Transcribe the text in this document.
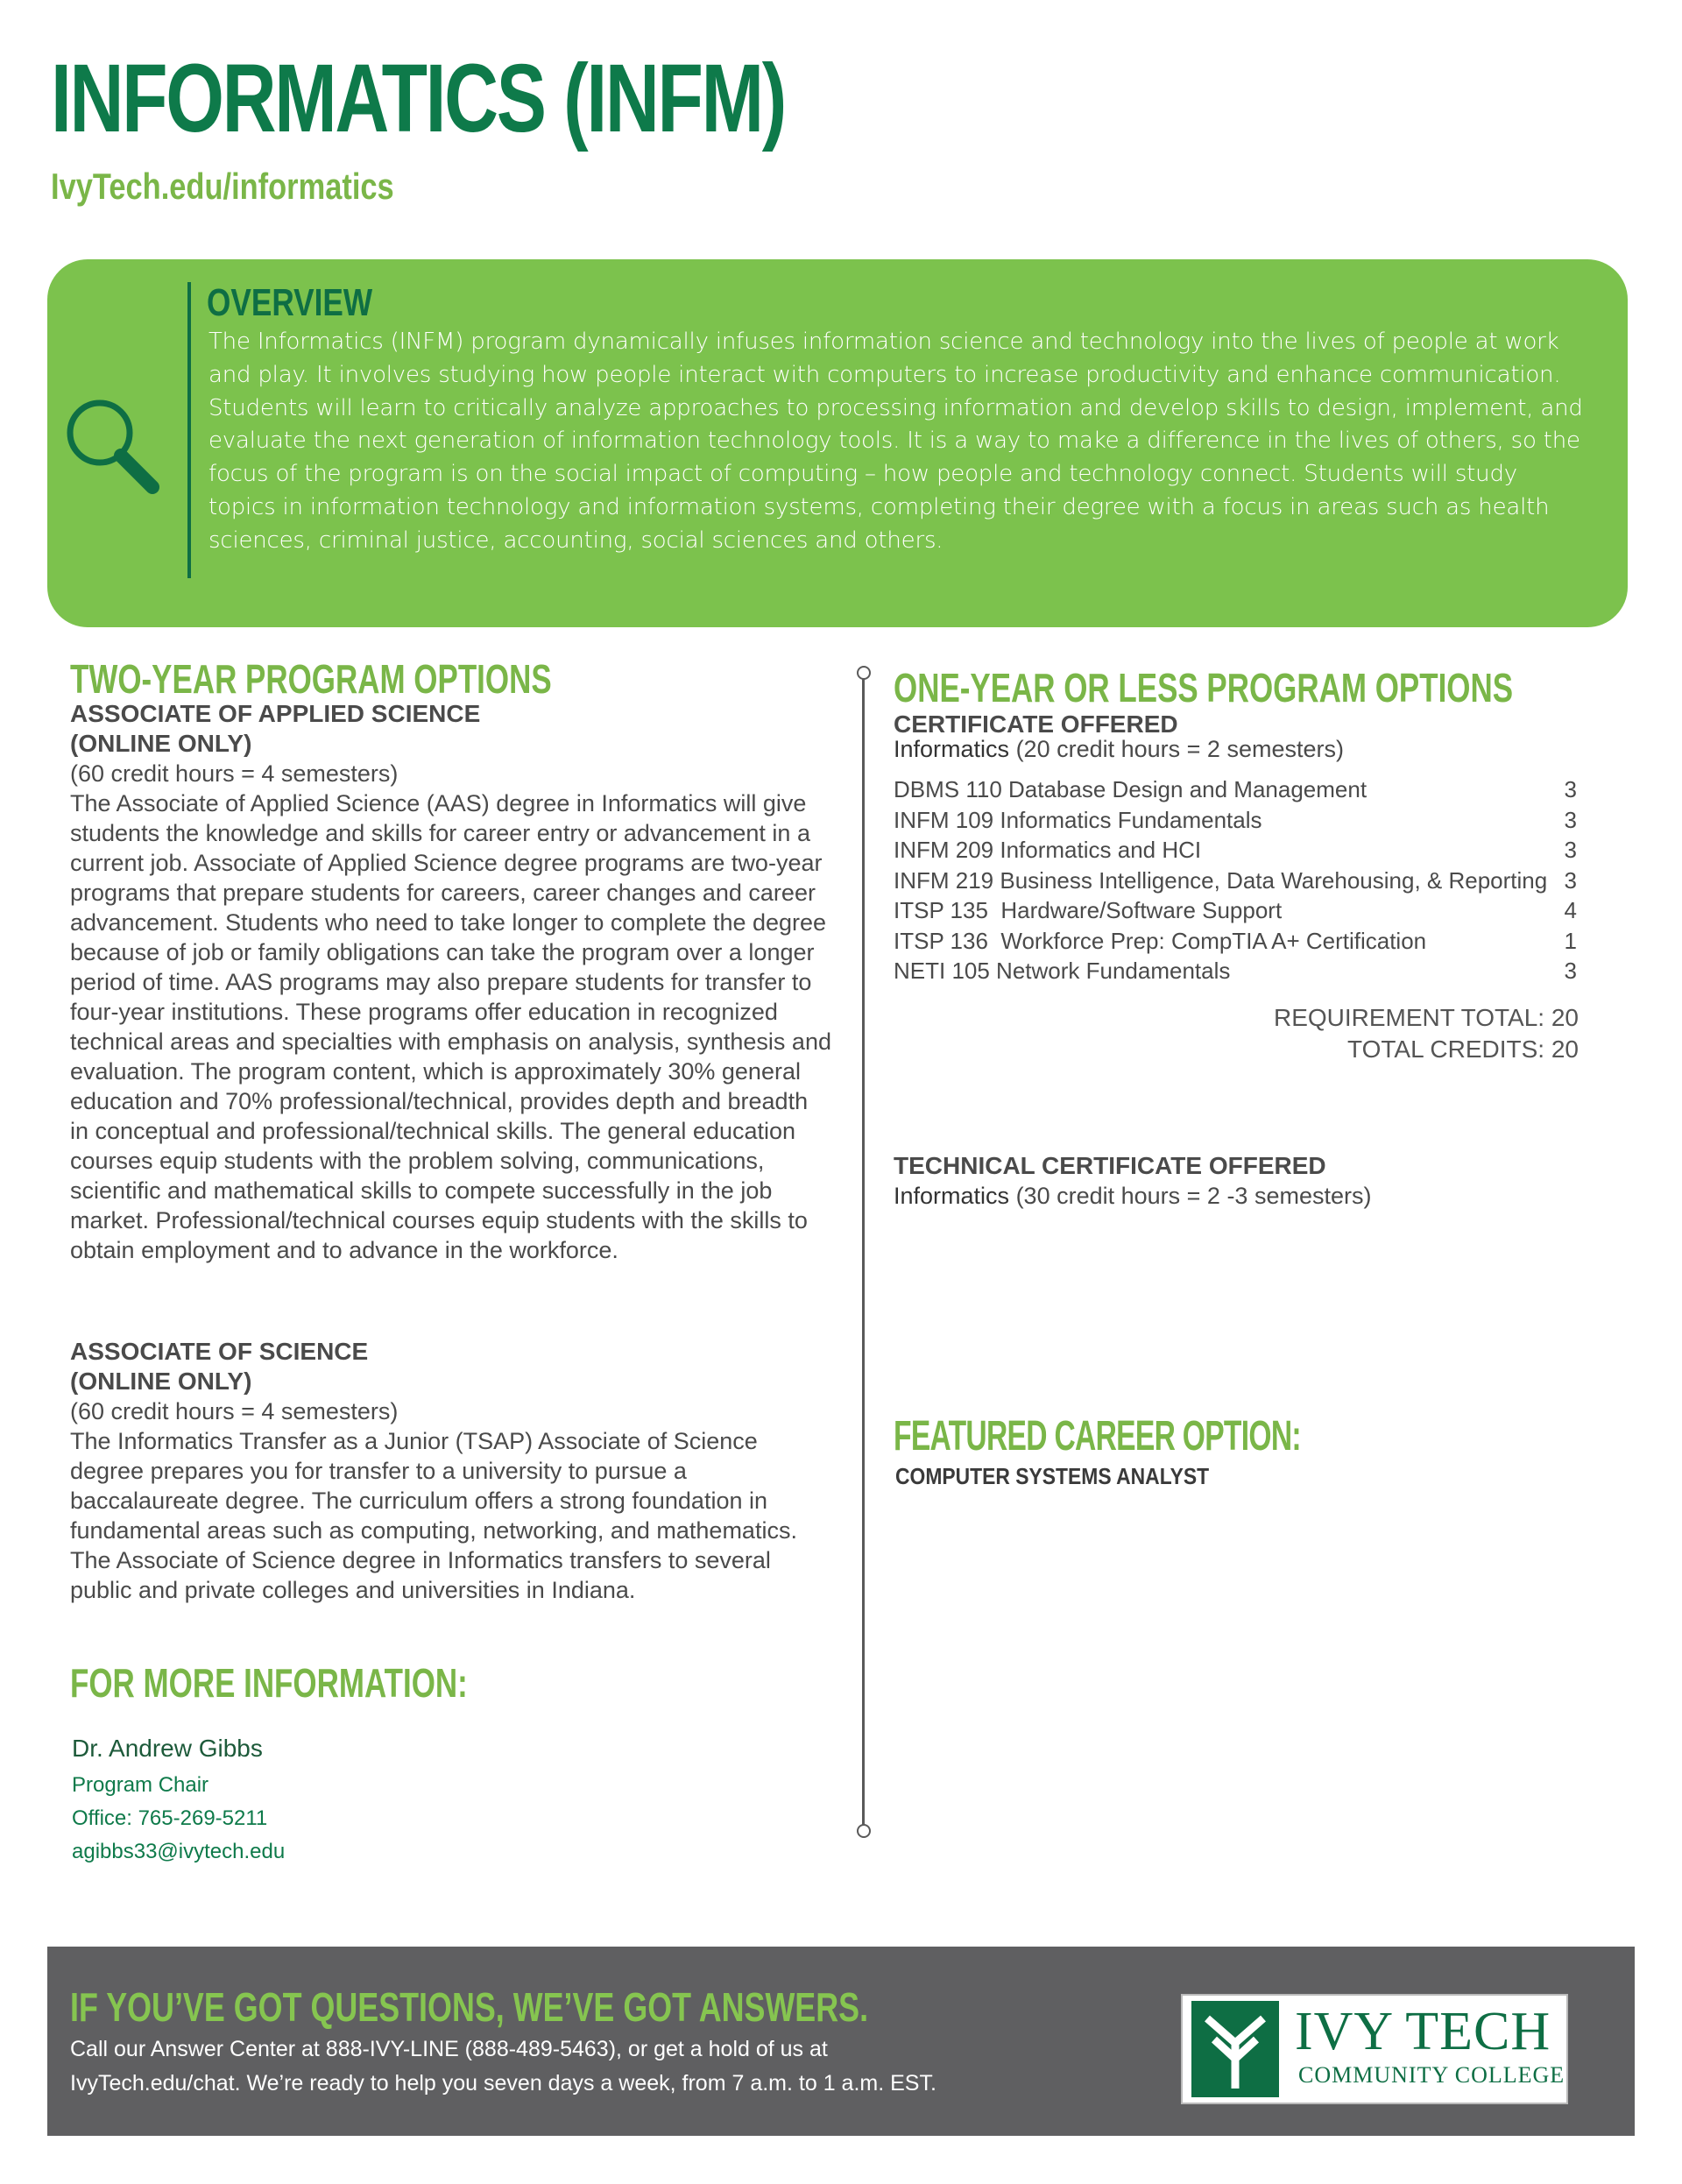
INFORMATICS (INFM)
IvyTech.edu/informatics
OVERVIEW

The Informatics (INFM) program dynamically infuses information science and technology into the lives of people at work and play. It involves studying how people interact with computers to increase productivity and enhance communication. Students will learn to critically analyze approaches to processing information and develop skills to design, implement, and evaluate the next generation of information technology tools. It is a way to make a difference in the lives of others, so the focus of the program is on the social impact of computing – how people and technology connect. Students will study topics in information technology and information systems, completing their degree with a focus in areas such as health sciences, criminal justice, accounting, social sciences and others.

TWO-YEAR PROGRAM OPTIONS

ASSOCIATE OF APPLIED SCIENCE

(ONLINE ONLY)

(60 credit hours = 4 semesters)

The Associate of Applied Science (AAS) degree in Informatics will give students the knowledge and skills for career entry or advancement in a current job. Associate of Applied Science degree programs are two-year programs that prepare students for careers, career changes and career advancement. Students who need to take longer to complete the degree because of job or family obligations can take the program over a longer period of time. AAS programs may also prepare students for transfer to four-year institutions. These programs offer education in recognized technical areas and specialties with emphasis on analysis, synthesis and evaluation. The program content, which is approximately 30% general education and 70% professional/technical, provides depth and breadth in conceptual and professional/technical skills. The general education courses equip students with the problem solving, communications, scientific and mathematical skills to compete successfully in the job market. Professional/technical courses equip students with the skills to obtain employment and to advance in the workforce.

ASSOCIATE OF SCIENCE

(ONLINE ONLY)

(60 credit hours = 4 semesters)

The Informatics Transfer as a Junior (TSAP) Associate of Science degree prepares you for transfer to a university to pursue a baccalaureate degree. The curriculum offers a strong foundation in fundamental areas such as computing, networking, and mathematics. The Associate of Science degree in Informatics transfers to several public and private colleges and universities in Indiana.

FOR MORE INFORMATION:
Dr. Andrew Gibbs
Program Chair
Office: 765-269-5211
agibbs33@ivytech.edu
ONE-YEAR OR LESS PROGRAM OPTIONS

CERTIFICATE OFFERED

Informatics (20 credit hours = 2 semesters)
DBMS 110 Database Design and Management	3
INFM 109 Informatics Fundamentals	3
INFM 209 Informatics and HCI	3
INFM 219 Business Intelligence, Data Warehousing, & Reporting 3
ITSP 135  Hardware/Software Support	4
ITSP 136  Workforce Prep: CompTIA A+ Certification	1
NETI 105 Network Fundamentals	3
REQUIREMENT TOTAL: 20
TOTAL CREDITS: 20

TECHNICAL CERTIFICATE OFFERED

Informatics (30 credit hours = 2 -3 semesters)
FEATURED CAREER OPTION:
COMPUTER SYSTEMS ANALYST
IF YOU’VE GOT QUESTIONS, WE’VE GOT ANSWERS.
Call our Answer Center at 888-IVY-LINE (888-489-5463), or get a hold of us at
IvyTech.edu/chat. We’re ready to help you seven days a week, from 7 a.m. to 1 a.m. EST.
IVY TECH
COMMUNITY COLLEGE
